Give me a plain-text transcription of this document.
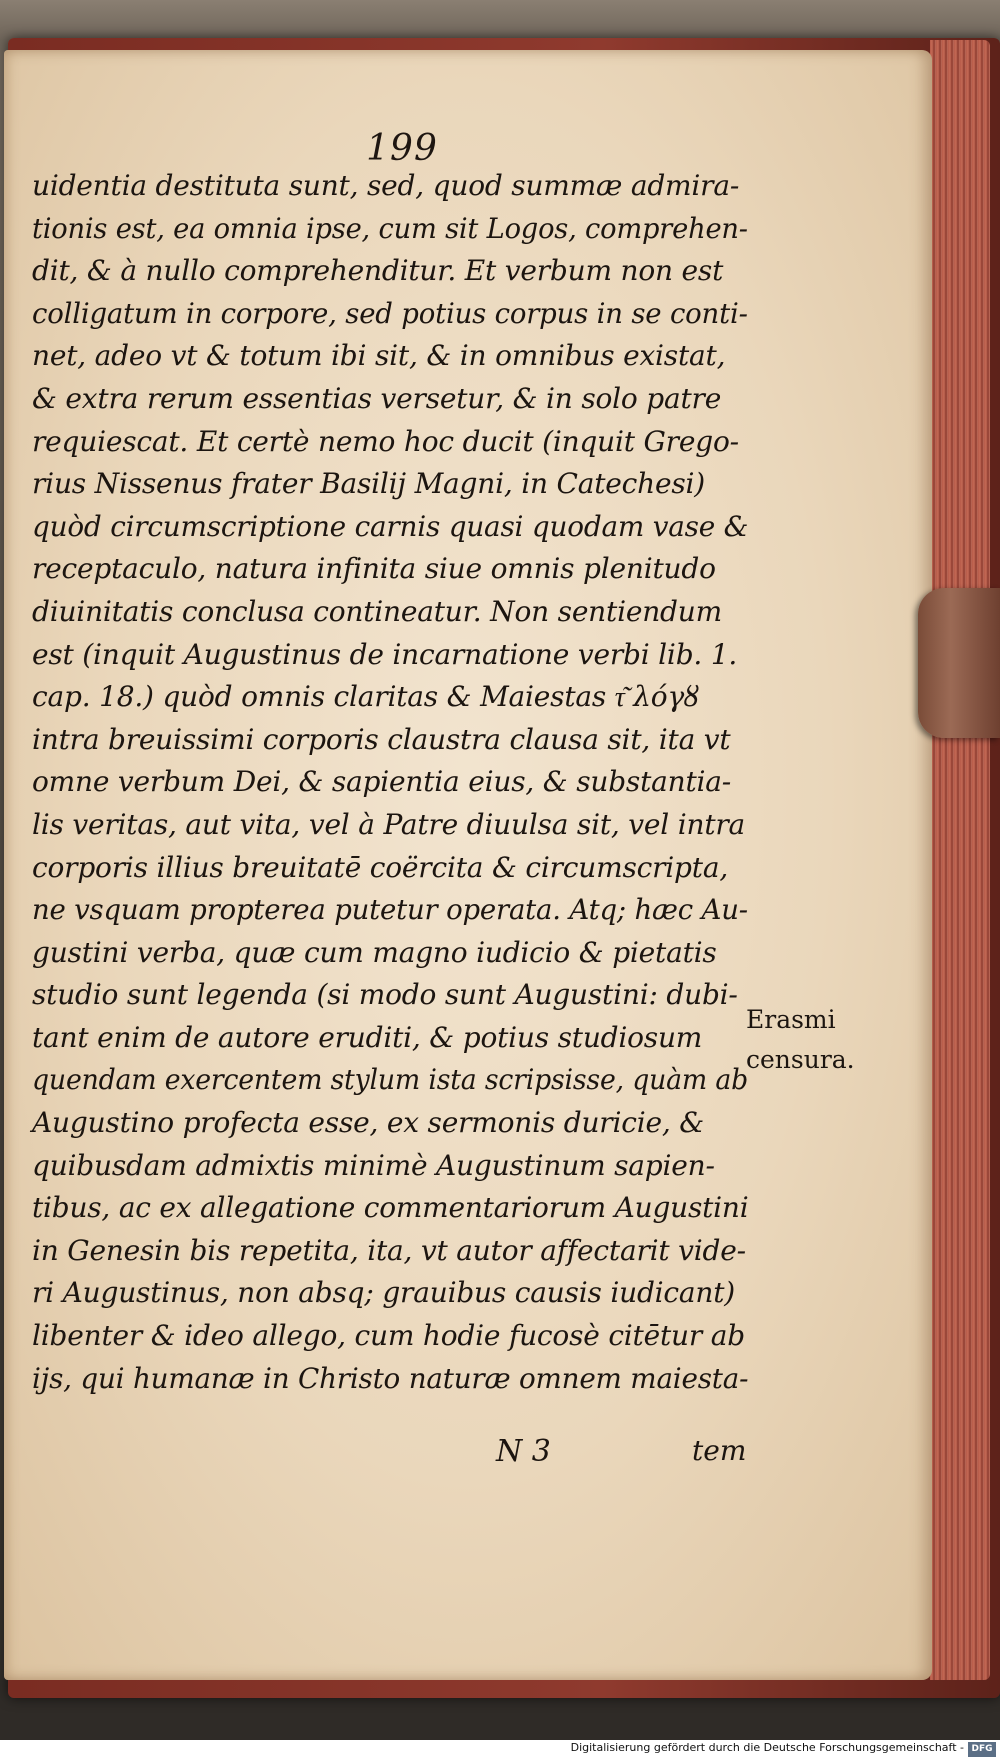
199
uidentia destituta sunt, sed, quod summæ admira-
tionis est, ea omnia ipse, cum sit Logos, comprehen-
dit, & à nullo comprehenditur. Et verbum non est
colligatum in corpore, sed potius corpus in se conti-
net, adeo vt & totum ibi sit, & in omnibus existat,
& extra rerum essentias versetur, & in solo patre
requiescat. Et certè nemo hoc ducit (inquit Grego-
rius Nissenus frater Basilij Magni, in Catechesi)
quòd circumscriptione carnis quasi quodam vase &
receptaculo, natura infinita siue omnis plenitudo
diuinitatis conclusa contineatur. Non sentiendum
est (inquit Augustinus de incarnatione verbi lib. 1.
cap. 18.) quòd omnis claritas & Maiestas τ͂ λόγȣ
intra breuissimi corporis claustra clausa sit, ita vt
omne verbum Dei, & sapientia eius, & substantia-
lis veritas, aut vita, vel à Patre diuulsa sit, vel intra
corporis illius breuitatē coërcita & circumscripta,
ne vsquam propterea putetur operata. Atq; hæc Au-
gustini verba, quæ cum magno iudicio & pietatis
studio sunt legenda (si modo sunt Augustini: dubi-
tant enim de autore eruditi, & potius studiosum
quendam exercentem stylum ista scripsisse, quàm ab
Augustino profecta esse, ex sermonis duricie, &
quibusdam admixtis minimè Augustinum sapien-
tibus, ac ex allegatione commentariorum Augustini
in Genesin bis repetita, ita, vt autor affectarit vide-
ri Augustinus, non absq; grauibus causis iudicant)
libenter & ideo allego, cum hodie fucosè citētur ab
ijs, qui humanæ in Christo naturæ omnem maiesta-
Erasmi
censura.
N 3	tem
Digitalisierung gefördert durch die Deutsche Forschungsgemeinschaft - DFG
